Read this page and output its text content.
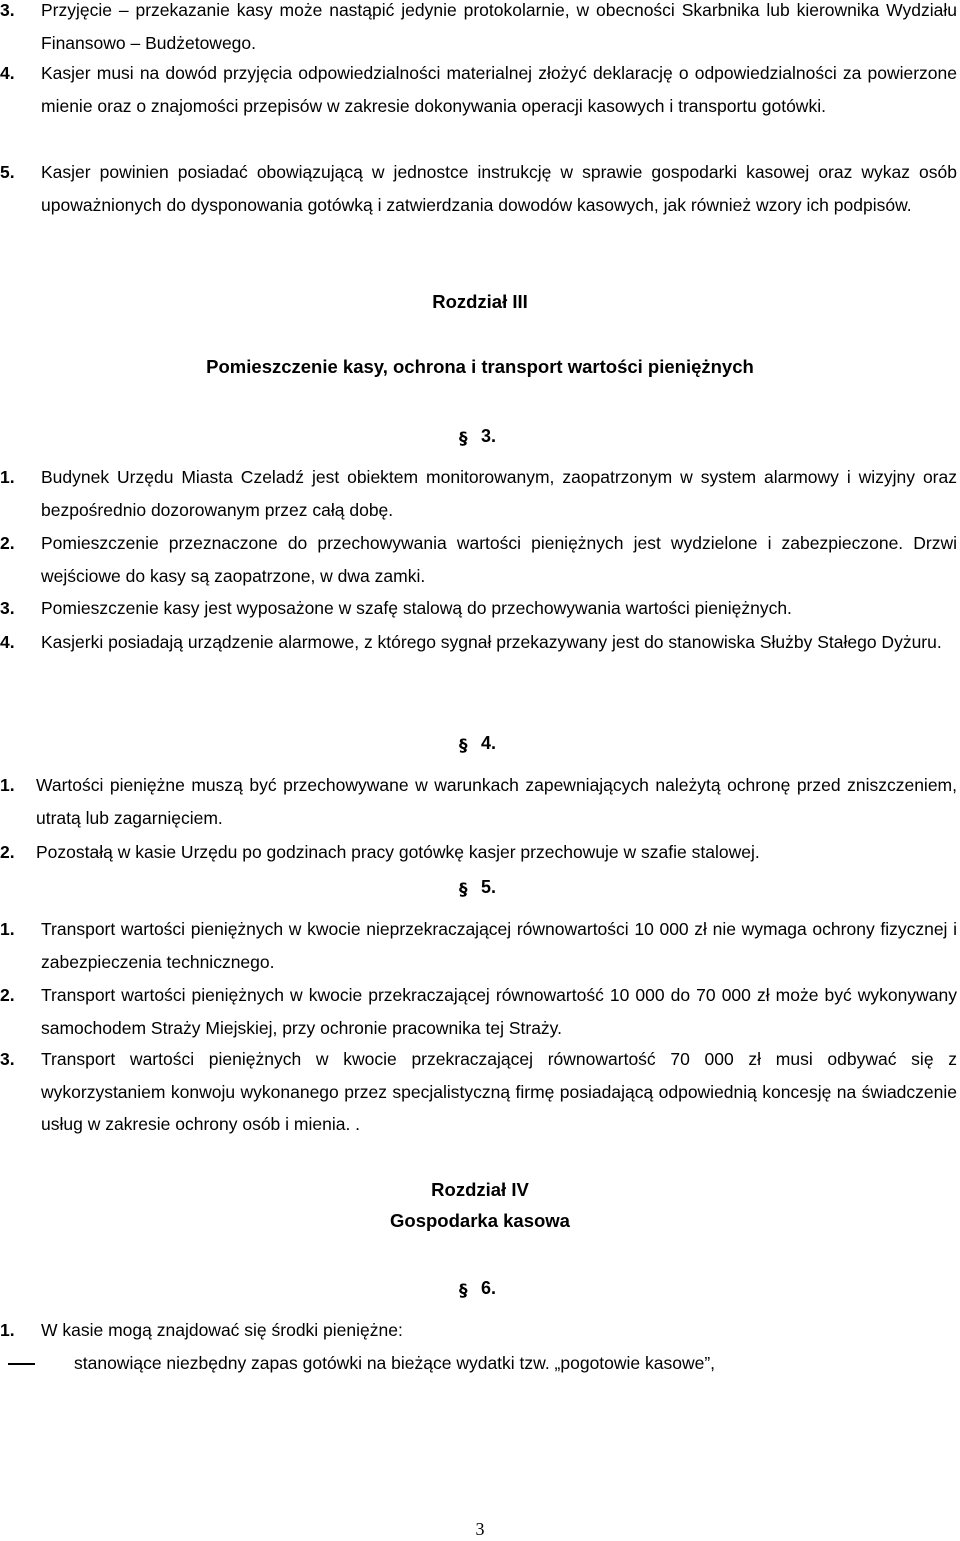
3. Przyjęcie – przekazanie kasy może nastąpić jedynie protokolarnie, w obecności Skarbnika lub kierownika Wydziału Finansowo – Budżetowego.
4. Kasjer musi na dowód przyjęcia odpowiedzialności materialnej złożyć deklarację o odpowiedzialności za powierzone mienie oraz o znajomości przepisów w zakresie dokonywania operacji kasowych i transportu gotówki.
5. Kasjer powinien posiadać obowiązującą w jednostce instrukcję w sprawie gospodarki kasowej oraz wykaz osób upoważnionych do dysponowania gotówką i zatwierdzania dowodów kasowych, jak również wzory ich podpisów.
Rozdział III
Pomieszczenie kasy, ochrona i transport wartości pieniężnych
§ 3.
1. Budynek Urzędu Miasta Czeladź jest obiektem monitorowanym, zaopatrzonym w system alarmowy i wizyjny oraz bezpośrednio dozorowanym przez całą dobę.
2. Pomieszczenie przeznaczone do przechowywania wartości pieniężnych jest wydzielone i zabezpieczone. Drzwi wejściowe do kasy są zaopatrzone, w dwa zamki.
3. Pomieszczenie kasy jest wyposażone w szafę stalową do przechowywania wartości pieniężnych.
4. Kasjerki posiadają urządzenie alarmowe, z którego sygnał przekazywany jest do stanowiska Służby Stałego Dyżuru.
§ 4.
1. Wartości pieniężne muszą być przechowywane w warunkach zapewniających należytą ochronę przed zniszczeniem, utratą lub zagarnięciem.
2. Pozostałą w kasie Urzędu po godzinach pracy gotówkę kasjer przechowuje w szafie stalowej.
§ 5.
1. Transport wartości pieniężnych w kwocie nieprzekraczającej równowartości 10 000 zł nie wymaga ochrony fizycznej i zabezpieczenia technicznego.
2. Transport wartości pieniężnych w kwocie przekraczającej równowartość 10 000 do 70 000 zł może być wykonywany samochodem Straży Miejskiej, przy ochronie pracownika tej Straży.
3. Transport wartości pieniężnych w kwocie przekraczającej równowartość 70 000 zł musi odbywać się z wykorzystaniem konwoju wykonanego przez specjalistyczną firmę posiadającą odpowiednią koncesję na świadczenie usług w zakresie ochrony osób i mienia. .
Rozdział IV
Gospodarka kasowa
§ 6.
1. W kasie mogą znajdować się środki pieniężne:
stanowiące niezbędny zapas gotówki na bieżące wydatki tzw. „pogotowie kasowe”,
3
